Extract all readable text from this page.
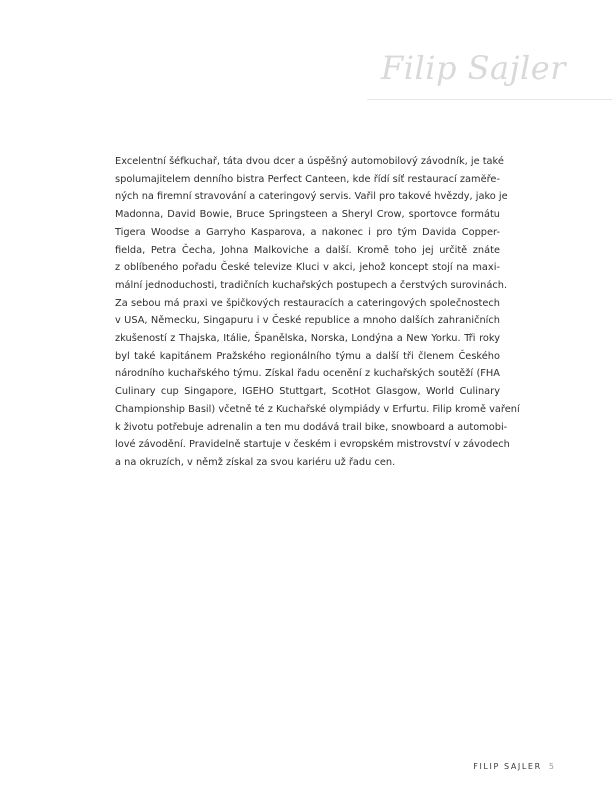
Filip Sajler
Excelentní šéfkuchař, táta dvou dcer a úspěšný automobilový závodník, je také
spolumajitelem denního bistra Perfect Canteen, kde řídí síť restaurací zamĕře-
ných na firemní stravování a cateringový servis. Vařil pro takové hvězdy, jako je
Madonna, David Bowie, Bruce Springsteen a Sheryl Crow, sportovce formátu
Tigera Woodse a Garryho Kasparova, a nakonec i pro tým Davida Copper-
fielda, Petra Čecha, Johna Malkoviche a další. Kromě toho jej určitě znáte
z oblíbeného pořadu České televize Kluci v akci, jehož koncept stojí na maxi-
mální jednoduchosti, tradičních kuchařských postupech a čerstvých surovinách.
Za sebou má praxi ve špičkových restauracích a cateringových společnostech
v USA, Německu, Singapuru i v České republice a mnoho dalších zahraničních
zkušeností z Thajska, Itálie, Španělska, Norska, Londýna a New Yorku. Tři roky
byl také kapitánem Pražského regionálního týmu a další tři členem Českého
národního kuchařského týmu. Získal řadu ocenění z kuchařských soutěží (FHA
Culinary cup Singapore, IGEHO Stuttgart, ScotHot Glasgow, World Culinary
Championship Basil) včetně té z Kuchařské olympiády v Erfurtu. Filip kromě vaření
k životu potřebuje adrenalin a ten mu dodává trail bike, snowboard a automobi-
lové závodění. Pravidelně startuje v českém i evropském mistrovství v závodech
a na okruzích, v němž získal za svou kariéru už řadu cen.
FILIP SAJLER 5
